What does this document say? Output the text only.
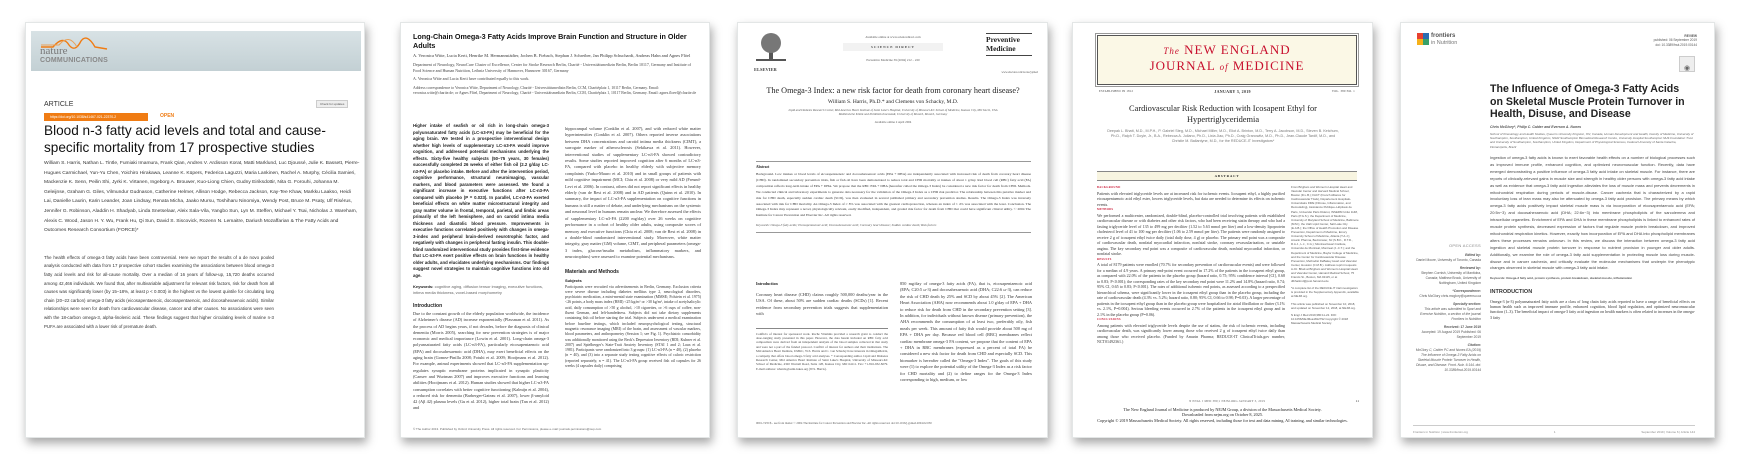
nature
COMMUNICATIONS
ARTICLE	Check for updates
https://doi.org/10.1038/s41467-021-22370-2	OPEN
Blood n-3 fatty acid levels and total and cause-specific mortality from 17 prospective studies
William S. Harris, Nathan L. Tintle, Fumiaki Imamura, Frank Qian, Andres V. Ardisson Korat, Matti Marklund, Luc Djoussé, Julie K. Bassett, Pierre-Hugues Carmichael, Yun-Yu Chen, Yoichiro Hirakawa, Leanne K. Küpers, Federica Laguzzi, Maria Lankinen, Rachel A. Murphy, Cécilia Samieri, Mackenzie K. Senn, Peilin Shi, Jyrki K. Virtanen, Ingeborg A. Brouwer, Kuo-Liong Chien, Gudny Eiriksdottir, Nita G. Forouhi, Johanna M. Geleijnse, Graham G. Giles, Vilmundur Gudnason, Catherine Helmer, Allison Hodge, Rebecca Jackson, Kay-Tee Khaw, Markku Laakso, Heidi Lai, Danielle Laurin, Karin Leander, Joan Lindsay, Renata Micha, Jaako Mursu, Toshiharu Ninomiya, Wendy Post, Bruce M. Psaty, Ulf Risérus, Jennifer G. Robinson, Aladdin H. Shadyab, Linda Snetselaar, Aleix Sala-Vila, Yangbo Sun, Lyn M. Steffen, Michael Y. Tsai, Nicholas J. Wareham, Alexis C. Wood, Jason H. Y. Wu, Frank Hu, Qi Sun, David S. Siscovick, Rozenn N. Lemaitre, Dariush Mozaffarian & The Fatty Acids and Outcomes Research Consortium (FORCE)*
The health effects of omega-3 fatty acids have been controversial. Here we report the results of a de novo pooled analysis conducted with data from 17 prospective cohort studies examining the associations between blood omega-3 fatty acid levels and risk for all-cause mortality. Over a median of 16 years of follow-up, 15,720 deaths occurred among 42,466 individuals. We found that, after multivariable adjustment for relevant risk factors, risk for death from all causes was significantly lower (by 15–18%, at least p < 0.003) in the highest vs the lowest quintile for circulating long chain (20–22 carbon) omega-3 fatty acids (eicosapentaenoic, docosapentaenoic, and docosahexaenoic acids). Similar relationships were seen for death from cardiovascular disease, cancer and other causes. No associations were seen with the 18-carbon omega-3, alpha-linolenic acid. These findings suggest that higher circulating levels of marine n-3 PUFA are associated with a lower risk of premature death.
Long-Chain Omega-3 Fatty Acids Improve Brain Function and Structure in Older Adults
A. Veronica Witte, Lucia Kerti, Henrike M. Hermannstädter, Jochen B. Fiebach, Stephan J. Schreiber, Jan Philipp Schuchardt, Andreas Hahn and Agnes Flöel
Department of Neurology, NeuroCure Cluster of Excellence, Center for Stroke Research Berlin, Charité - Universitätsmedizin Berlin, Berlin 10117, Germany and Institute of Food Science and Human Nutrition, Leibniz University of Hannover, Hannover 30167, Germany
A. Veronica Witte and Lucia Kerti have contributed equally to this work.
Address correspondence to Veronica Witte, Department of Neurology, Charité - Universitätsmedizin Berlin, CCM, Charitéplatz 1, 10117 Berlin, Germany. Email: veronica.witte@charite.de; or Agnes Flöel, Department of Neurology, Charité - Universitätsmedizin Berlin, CCM, Charitéplatz 1, 10117 Berlin, Germany. Email: agnes.floeel@charite.de
Higher intake of seafish or oil rich in long-chain omega-3 polyunsaturated fatty acids (LC-n3-FA) may be beneficial for the aging brain. We tested in a prospective interventional design whether high levels of supplementary LC-n3-FA would improve cognition, and addressed potential mechanisms underlying the effects. Sixty-five healthy subjects (50–75 years, 30 females) successfully completed 26 weeks of either fish oil (2.2 g/day LC-n3-FA) or placebo intake. Before and after the intervention period, cognitive performance, structural neuroimaging, vascular markers, and blood parameters were assessed. We found a significant increase in executive functions after LC-n3-FA compared with placebo (P = 0.023). In parallel, LC-n3-FA exerted beneficial effects on white matter microstructural integrity and gray matter volume in frontal, temporal, parietal, and limbic areas primarily of the left hemisphere, and on carotid intima media thickness and diastolic blood pressure. Improvements in executive functions correlated positively with changes in omega-3-index and peripheral brain-derived neurotrophic factor, and negatively with changes in peripheral fasting insulin. This double-blind randomized interventional study provides first-time evidence that LC-n3-FA exert positive effects on brain functions in healthy older adults, and elucidates underlying mechanisms. Our findings suggest novel strategies to maintain cognitive functions into old age.
Keywords: cognitive aging, diffusion tensor imaging, executive functions, intima media thickness, voxel-based morphometry
Introduction
Due to the constant growth of the elderly population worldwide, the incidence of Alzheimer's disease (AD) increase exponentially (Plassman et al. 2011). As the process of AD begins years, if not decades, before the diagnosis of clinical dementia (Morris 2005), searching for new prevention strategies is of major economic and medical importance (Lowin et al. 2001). Long-chain omega-3 polyunsaturated fatty acids (LC-n3-FA), particularly eicosapentaenoic acid (EPA) and docosahexaenoic acid (DHA), may exert beneficial effects on the aging brain (Gomez-Pinilla 2008; Fotuhi et al. 2009; Hooijmans et al. 2012). For example, animal experiments showed that LC-n3-FA supplementation up-regulates synaptic membrane proteins implicated in synaptic plasticity (Cansev and Wurtman 2007) and improves executive functions and learning abilities (Hooijmans et al. 2012). Human studies showed that higher LC-n3-FA consumption correlates with better cognitive functioning (Kalmijn et al. 2004), a reduced risk for dementia (Barberger-Gateau et al. 2007), lower β-amyloid 42 (Aβ 42) plasma levels (Gu et al. 2012), higher total brain (Tan et al. 2012) and
hippocampal volume (Conklin et al. 2007), and with reduced white matter hyperintensities (Conklin et al. 2007). Others reported inverse associations between DHA concentrations and carotid intima media thickness (CIMT), a surrogate marker of atherosclerosis (Sekikawa et al. 2011). However, interventional studies of supplementary LC-n3-FA showed contradictory results. Some studies reported improved cognition after 6 months of LC-n3-FA, compared with placebo in healthy elderly with subjective memory complaints (Yurko-Mauro et al. 2010) and in small groups of patients with mild cognitive impairment (MCI; Chiu et al. 2008) or very mild AD (Freund-Levi et al. 2006). In contrast, others did not report significant effects in healthy elderly (van de Rest et al. 2008) and in AD patients (Quinn et al. 2010). In summary, the impact of LC-n3-FA supplementation on cognitive functions in humans is still a matter of debate, and underlying mechanisms on the systemic and neuronal level in humans remain unclear. We therefore assessed the effects of supplementary LC-n3-FA (2200 mg/day) over 26 weeks on cognitive performance in a cohort of healthy older adults, using composite scores of memory and executive functions (Chiu et al. 2008; van de Rest et al. 2008) in a double-blind randomized interventional study. Moreover, white matter integrity, gray matter (GM) volume, CIMT, and peripheral parameters (omega-3 index, glucose/insulin metabolism, inflammatory markers, and neurotrophins) were assessed to examine potential mechanisms.
Materials and Methods
Subjects
Participants were recruited via advertisements in Berlin, Germany. Exclusion criteria were severe disease including diabetes mellitus type 2, neurological disorders, psychiatric medication, a mini-mental state examination (MMSE; Folstein et al. 1975) <26 points, a body mass index (BMI) <25 kg/m² or >30 kg/m², intake of acetylsalicylic acid, daily consumption of >50 g alcohol, >10 cigarettes, or >6 cups of coffee, non-fluent German, and left-handedness. Subjects did not take dietary supplements containing fish oil before starting the trial. Subjects underwent a medical examination before baseline testings, which included neuropsychological testing, structural magnetic resonance imaging (MRI) of the brain, and assessment of vascular markers, blood parameters, and anthropometry (Session 1; see Fig. 1). Psychiatric comorbidity was additionally monitored using the Beck's Depression Inventory (BDI; Kuhner et al. 2007) and Spielberger's State-Trait Anxiety Inventory (STAI 1 and 2; Laux et al. 1981). Participants were randomized into 3 groups: (1) LC-n3-FA (n = 40), (2) placebo (n = 40), and (3) into a separate study testing cognitive effects of caloric restriction (reported separately, n = 41). The LC-n3-FA group received fish oil capsules for 26 weeks (4 capsules daily) comprising
© The Author 2013. Published by Oxford University Press. All rights reserved. For Permissions, please e-mail: journals.permissions@oup.com
ELSEVIER
Available online at www.sciencedirect.com
SCIENCE DIRECT
Preventive Medicine 39 (2004) 212 – 220
Preventive Medicine
www.elsevier.com/locate/ypmed
The Omega-3 Index: a new risk factor for death from coronary heart disease?
William S. Harris, Ph.D.* and Clemens von Schacky, M.D.
Lipid and Diabetes Research Center, Mid America Heart Institute of Saint Luke's Hospital, University of Missouri-KC School of Medicine, Kansas City, MO 64111, USA
Medizinische Klinik und Poliklinik Innenstadt, University of Munich, Munich, Germany
Available online 2 April 2004
Abstract
Background. Low intakes or blood levels of eicosapentaenoic and docosahexaenoic acids (EPA + DHA) are independently associated with increased risk of death from coronary heart disease (CHD). In randomized secondary prevention trials, fish or fish oil have been demonstrated to reduce total and CHD mortality at intakes of about 1 g/day. Red blood cell (RBC) fatty acid (FA) composition reflects long-term intake of EPA + DHA. We propose that the RBC EPA + DHA (hereafter called the Omega-3 Index) be considered a new risk factor for death from CHD. Methods. We conducted clinical and laboratory experiments to generate data necessary for the validation of the Omega-3 Index as a CHD risk predictor. The relationship between this putative marker and risk for CHD death, especially sudden cardiac death (SCD), was then evaluated in several published primary and secondary prevention studies. Results. The Omega-3 Index was inversely associated with risk for CHD mortality. An Omega-3 Index of ≥ 8% was associated with the greatest cardioprotection, whereas an index of ≤ 4% was associated with the least. Conclusion. The Omega-3 Index may represent a novel, physiologically relevant, easily modified, independent, and graded risk factor for death from CHD that could have significant clinical utility. © 2004 The Institute for Cancer Prevention and Elsevier Inc. All rights reserved.
Keywords: Omega-3 fatty acids; Eicosapentaenoic acid; Docosahexaenoic acid; Coronary heart disease; Sudden cardiac death; Risk factors
Introduction
Coronary heart disease (CHD) claims roughly 500,000 deaths/year in the USA. Of these, about 50% are sudden cardiac deaths (SCDs) [1]. Recent evidence from secondary prevention trials suggests that supplementation with
Conflicts of interest for sponsored work. Roche Vitamins provided a research grant to conduct the dose-ranging study presented in this paper. However, the data herein included on RBC fatty acid composition were derived from an independent analysis of the blood samples collected in that study and were not a part of the funded protocol. Conflict of interest for authors and their institutions. The Mid America Heart Institute, UMKC, W.S. Harris and C. von Schacky have interests in OmegaMetrix, a company that offers blood omega-3 fatty acid analyses. * Corresponding author. Lipid and Diabetes Research Center, Mid America Heart Institute of Saint Luke's Hospital, University of Missouri-KC School of Medicine, 4320 Wornall Road, Suite 128, Kansas City, MO 64111. Fax: +1-816-932-8279. E-mail address: wharris@saint-lukes.org (W.S. Harris).
850 mg/day of omega-3 fatty acids (FA), that is, eicosapentaenoic acid (EPA; C20:5 ω-3) and docosahexaenoic acid (DHA; C22:6 ω-3), can reduce the risk of CHD death by 25% and SCD by about 45% [2]. The American Heart Association (AHA) now recommends about 1.0 g/day of EPA + DHA to reduce risk for death from CHD in the secondary prevention setting [3]. In addition, for individuals without known disease (primary prevention), the AHA recommends the consumption of at least two, preferably oily, fish meals per week. This amount of fatty fish would provide about 500 mg of EPA + DHA per day. Because red blood cell (RBC) membranes reflect cardiac membrane omega-3 FA content, we propose that the content of EPA + DHA in RBC membranes (expressed as a percent of total FA) be considered a new risk factor for death from CHD and especially SCD. This biomarker is hereafter called the "Omega-3 Index". The goals of this study were (1) to explore the potential utility of the Omega-3 Index as a risk factor for CHD mortality and (2) to define ranges for the Omega-3 Index corresponding to high, medium, or low
0091-7435/$ - see front matter © 2004 The Institute for Cancer Prevention and Elsevier Inc. All rights reserved. doi:10.1016/j.ypmed.2004.02.030
The NEW ENGLAND
JOURNAL of MEDICINE
ESTABLISHED IN 1812	JANUARY 3, 2019	VOL. 380 NO. 1
Cardiovascular Risk Reduction with Icosapent Ethyl for Hypertriglyceridemia
Deepak L. Bhatt, M.D., M.P.H., P. Gabriel Steg, M.D., Michael Miller, M.D., Eliot A. Brinton, M.D., Terry A. Jacobson, M.D., Steven B. Ketchum, Ph.D., Ralph T. Doyle, Jr., B.A., Rebecca A. Juliano, Ph.D., Lixia Jiao, Ph.D., Craig Granowitz, M.D., Ph.D., Jean-Claude Tardif, M.D., and Christie M. Ballantyne, M.D., for the REDUCE-IT Investigators*
ABSTRACT
BACKGROUND
Patients with elevated triglyceride levels are at increased risk for ischemic events. Icosapent ethyl, a highly purified eicosapentaenoic acid ethyl ester, lowers triglyceride levels, but data are needed to determine its effects on ischemic events.
METHODS
We performed a multicenter, randomized, double-blind, placebo-controlled trial involving patients with established cardiovascular disease or with diabetes and other risk factors, who had been receiving statin therapy and who had a fasting triglyceride level of 135 to 499 mg per deciliter (1.52 to 5.63 mmol per liter) and a low-density lipoprotein cholesterol level of 41 to 100 mg per deciliter (1.06 to 2.59 mmol per liter). The patients were randomly assigned to receive 2 g of icosapent ethyl twice daily (total daily dose, 4 g) or placebo. The primary end point was a composite of cardiovascular death, nonfatal myocardial infarction, nonfatal stroke, coronary revascularization, or unstable angina. The key secondary end point was a composite of cardiovascular death, nonfatal myocardial infarction, or nonfatal stroke.
RESULTS
A total of 8179 patients were enrolled (70.7% for secondary prevention of cardiovascular events) and were followed for a median of 4.9 years. A primary end-point event occurred in 17.2% of the patients in the icosapent ethyl group, as compared with 22.0% of the patients in the placebo group (hazard ratio, 0.75; 95% confidence interval [CI], 0.68 to 0.83; P<0.001); the corresponding rates of the key secondary end point were 11.2% and 14.8% (hazard ratio, 0.74; 95% CI, 0.65 to 0.83; P<0.001). The rates of additional ischemic end points, as assessed according to a prespecified hierarchical schema, were significantly lower in the icosapent ethyl group than in the placebo group, including the rate of cardiovascular death (4.3% vs. 5.2%; hazard ratio, 0.80; 95% CI, 0.66 to 0.98; P=0.03). A larger percentage of patients in the icosapent ethyl group than in the placebo group were hospitalized for atrial fibrillation or flutter (3.1% vs. 2.1%, P=0.004). Serious bleeding events occurred in 2.7% of the patients in the icosapent ethyl group and in 2.1% in the placebo group (P=0.06).
CONCLUSIONS
Among patients with elevated triglyceride levels despite the use of statins, the risk of ischemic events, including cardiovascular death, was significantly lower among those who received 2 g of icosapent ethyl twice daily than among those who received placebo. (Funded by Amarin Pharma; REDUCE-IT ClinicalTrials.gov number, NCT01492361.)
From Brigham and Women's Hospital Heart and Vascular Center and Harvard Medical School, Boston (D.L.B.); FACT (French Alliance for Cardiovascular Trials), Département Hospitalo-Universitaire FIRE (Fibrose, Inflammation, and Remodeling), Assistance Publique–Hôpitaux de Paris, Université Paris Diderot, INSERM Unité 1148, Paris (P.G.S.); the Department of Medicine, University of Maryland School of Medicine, Baltimore (M.M.); the Utah Lipid Center, Salt Lake City (E.A.B.); the Office of Health Promotion and Disease Prevention, Department of Medicine, Emory University School of Medicine, Atlanta (T.A.J.); Amarin Pharma, Bedminster, NJ (S.B.K., R.T.D., R.A.J., L.J., C.G.); Montreal Heart Institute, Université de Montréal, Montreal (J.-C.T.); and the Department of Medicine, Baylor College of Medicine, and the Center for Cardiovascular Disease Prevention, Methodist DeBakey Heart and Vascular Center, Houston (C.M.B.). Address reprint requests to Dr. Bhatt at Brigham and Women's Hospital Heart and Vascular Center, Harvard Medical School, 75 Francis St., Boston, MA 02115, or at dlbhattmd@post.harvard.edu.
*A complete list of the REDUCE-IT trial investigators is provided in the Supplementary Appendix, available at NEJM.org.
This article was published on November 10, 2018, and updated on November 12, 2018, at NEJM.org.
N Engl J Med 2019;380:11-22. DOI: 10.1056/NEJMoa1812792 Copyright © 2018 Massachusetts Medical Society.
N ENGL J MED 380;1 NEJM.ORG JANUARY 3, 2019	11
The New England Journal of Medicine is produced by NEJM Group, a division of the Massachusetts Medical Society.
Downloaded from nejm.org on October 8, 2025.
Copyright © 2019 Massachusetts Medical Society. All rights reserved, including those for text and data mining, AI training, and similar technologies.
frontiers
in Nutrition
REVIEW
published: 06 September 2019
doi: 10.3389/fnut.2019.00144
◉
The Influence of Omega-3 Fatty Acids on Skeletal Muscle Protein Turnover in Health, Disuse, and Disease
Chris McGlory*, Philip C. Calder and Everson A. Nunes
School of Kinesiology and Health Studies, Queen's University Kingston, ON, Canada, Human Development and Health, Faculty of Medicine, University of Southampton, Southampton, United Kingdom, NIHR Southampton Biomedical Research Centre, University Hospital Southampton NHS Foundation Trust and University of Southampton, Southampton, United Kingdom, Department of Physiological Sciences, Federal University of Santa Catarina, Florianópolis, Brazil
Ingestion of omega-3 fatty acids is known to exert favorable health effects on a number of biological processes such as improved immune profile, enhanced cognition, and optimized neuromuscular function. Recently, data have emerged demonstrating a positive influence of omega-3 fatty acid intake on skeletal muscle. For instance, there are reports of clinically-relevant gains in muscle size and strength in healthy older persons with omega-3 fatty acid intake as well as evidence that omega-3 fatty acid ingestion alleviates the loss of muscle mass and prevents decrements in mitochondrial respiration during periods of muscle-disuse. Cancer cachexia that is characterized by a rapid involuntary loss of lean mass may also be attenuated by omega-3 fatty acid provision. The primary means by which omega-3 fatty acids positively impact skeletal muscle mass is via incorporation of eicosapentaenoic acid (EPA; 20:5n−3) and docosahexaenoic acid (DHA; 22:6n−3) into membrane phospholipids of the sarcolemma and intracellular organelles. Enrichment of EPA and DHA in these membrane phospholipids is linked to enhanced rates of muscle protein synthesis, decreased expression of factors that regulate muscle protein breakdown, and improved mitochondrial respiration kinetics. However, exactly how incorporation of EPA and DHA into phospholipid membranes alters these processes remains unknown. In this review, we discuss the interaction between omega-3 fatty acid ingestion and skeletal muscle protein turnover in response to nutrient provision in younger and older adults. Additionally, we examine the role of omega-3 fatty acid supplementation in protecting muscle loss during muscle-disuse and in cancer cachexia, and critically evaluate the molecular mechanisms that underpin the phenotypic changes observed in skeletal muscle with omega-3 fatty acid intake.
Keywords: Omega-3 fatty acid, protein synthesis, protein breakdown, skeletal muscle, inflammation
INTRODUCTION
Omega-3 (n-3) polyunsaturated fatty acids are a class of long chain fatty acids reported to have a range of beneficial effects on human health such as improved immune profile, enhanced cognition, blood lipid regulation, and optimized neuromuscular function (1–3). The beneficial impact of omega-3 fatty acid ingestion on health markers is often related to increases in the omega-3 fatty
OPEN ACCESS
Edited by:
Daniel Moore, University of Toronto, Canada
Reviewed by:
Stephen Cornish, University of Manitoba, Canada; Matthew Brook, University of Nottingham, United Kingdom
*Correspondence:
Chris McGlory chris.mcglory@queensu.ca
Specialty section:
This article was submitted to Sport and Exercise Nutrition, a section of the journal Frontiers in Nutrition
Received: 17 June 2019
Accepted: 19 August 2019 Published: 06 September 2019
Citation:
McGlory C, Calder PC and Nunes EA (2019) The Influence of Omega-3 Fatty Acids on Skeletal Muscle Protein Turnover in Health, Disuse, and Disease. Front. Nutr. 6:144. doi: 10.3389/fnut.2019.00144
Frontiers in Nutrition | www.frontiersin.org	1	September 2019 | Volume 6 | Article 144
